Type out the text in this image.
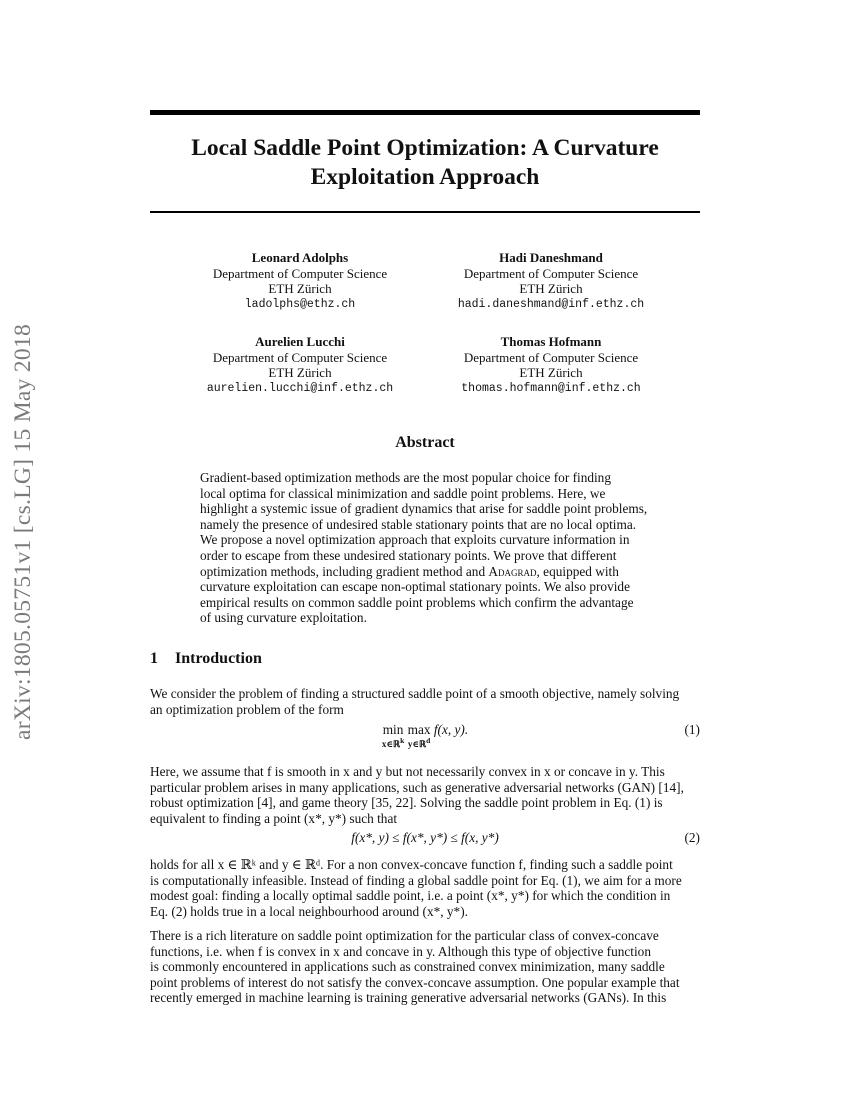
arXiv:1805.05751v1 [cs.LG] 15 May 2018
Local Saddle Point Optimization: A Curvature
Exploitation Approach
Leonard Adolphs
Department of Computer Science
ETH Zürich
ladolphs@ethz.ch
Hadi Daneshmand
Department of Computer Science
ETH Zürich
hadi.daneshmand@inf.ethz.ch
Aurelien Lucchi
Department of Computer Science
ETH Zürich
aurelien.lucchi@inf.ethz.ch
Thomas Hofmann
Department of Computer Science
ETH Zürich
thomas.hofmann@inf.ethz.ch
Abstract
Gradient-based optimization methods are the most popular choice for finding
local optima for classical minimization and saddle point problems. Here, we
highlight a systemic issue of gradient dynamics that arise for saddle point problems,
namely the presence of undesired stable stationary points that are no local optima.
We propose a novel optimization approach that exploits curvature information in
order to escape from these undesired stationary points. We prove that different
optimization methods, including gradient method and Adagrad, equipped with
curvature exploitation can escape non-optimal stationary points. We also provide
empirical results on common saddle point problems which confirm the advantage
of using curvature exploitation.
1 Introduction
We consider the problem of finding a structured saddle point of a smooth objective, namely solving
an optimization problem of the form
min
x∈ℝ$^k$
max
y∈ℝ$^d$
f(x, y).	(1)
Here, we assume that f is smooth in x and y but not necessarily convex in x or concave in y. This
particular problem arises in many applications, such as generative adversarial networks (GAN) [14],
robust optimization [4], and game theory [35, 22]. Solving the saddle point problem in Eq. (1) is
equivalent to finding a point (x*, y*) such that
f(x*, y) ≤ f(x*, y*) ≤ f(x, y*)	(2)
holds for all x ∈ ℝᵏ and y ∈ ℝᵈ. For a non convex-concave function f, finding such a saddle point
is computationally infeasible. Instead of finding a global saddle point for Eq. (1), we aim for a more
modest goal: finding a locally optimal saddle point, i.e. a point (x*, y*) for which the condition in
Eq. (2) holds true in a local neighbourhood around (x*, y*).
There is a rich literature on saddle point optimization for the particular class of convex-concave
functions, i.e. when f is convex in x and concave in y. Although this type of objective function
is commonly encountered in applications such as constrained convex minimization, many saddle
point problems of interest do not satisfy the convex-concave assumption. One popular example that
recently emerged in machine learning is training generative adversarial networks (GANs). In this
